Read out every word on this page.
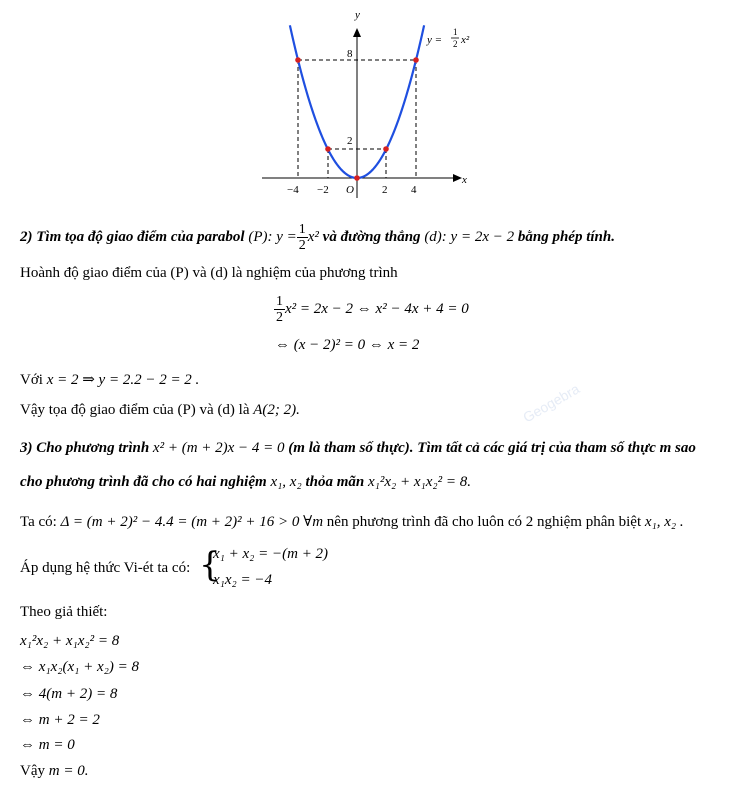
y
x
−4 −2 O	2 4
8
2
y =
1
2 x²
2) Tìm tọa độ giao điểm của parabol (P): $y = \frac{1}{2} x^2$ và đường thẳng (d): y = 2x − 2 bằng phép tính.
Hoành độ giao điểm của (P) và (d) là nghiệm của phương trình
$\frac{1}{2} x^2 = 2x - 2$ ⇔ x² − 4x + 4 = 0
⇔ (x − 2)² = 0 ⇔ x = 2
Với x = 2 ⇒ y = 2.2 − 2 = 2 .
Vậy tọa độ giao điểm của (P) và (d) là A(2; 2).	Geogebra
3) Cho phương trình x² + (m + 2)x − 4 = 0 (m là tham số thực). Tìm tất cả các giá trị của tham số thực m sao
cho phương trình đã cho có hai nghiệm x₁, x₂ thỏa mãn x₁²x₂ + x₁x₂² = 8.
Ta có: Δ = (m + 2)² − 4.4 = (m + 2)² + 16 > 0 ∀m nên phương trình đã cho luôn có 2 nghiệm phân biệt x₁, x₂ .
Áp dụng hệ thức Vi-ét ta có: {
x₁ + x₂ = −(m + 2)
x₁x₂ = −4
Theo giả thiết:
x₁²x₂ + x₁x₂² = 8
⇔ x₁x₂(x₁ + x₂) = 8
⇔ 4(m + 2) = 8
⇔ m + 2 = 2
⇔ m = 0
Vậy m = 0.
